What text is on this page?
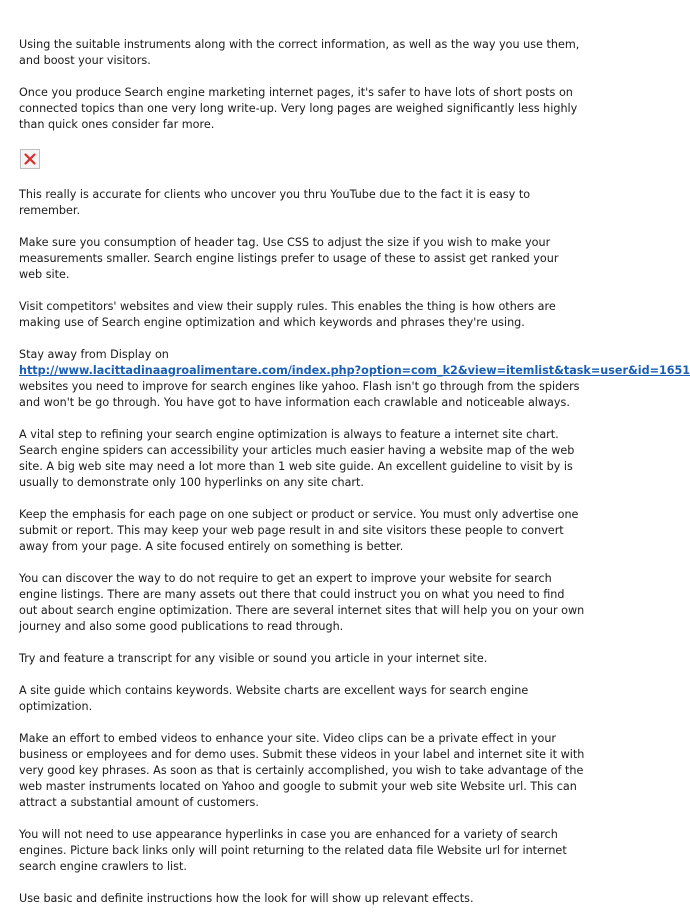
Using the suitable instruments along with the correct information, as well as the way you use them, and boost your visitors.

Once you produce Search engine marketing internet pages, it's safer to have lots of short posts on connected topics than one very long write-up. Very long pages are weighed significantly less highly than quick ones consider far more.

This really is accurate for clients who uncover you thru YouTube due to the fact it is easy to remember.

Make sure you consumption of header tag. Use CSS to adjust the size if you wish to make your measurements smaller. Search engine listings prefer to usage of these to assist get ranked your web site.

Visit competitors' websites and view their supply rules. This enables the thing is how others are making use of Search engine optimization and which keywords and phrases they're using.

Stay away from Display on
http://www.lacittadinaagroalimentare.com/index.php?option=com_k2&view=itemlist&task=user&id=1651
websites you need to improve for search engines like yahoo. Flash isn't go through from the spiders and won't be go through. You have got to have information each crawlable and noticeable always.

A vital step to refining your search engine optimization is always to feature a internet site chart. Search engine spiders can accessibility your articles much easier having a website map of the web site. A big web site may need a lot more than 1 web site guide. An excellent guideline to visit by is usually to demonstrate only 100 hyperlinks on any site chart.

Keep the emphasis for each page on one subject or product or service. You must only advertise one submit or report. This may keep your web page result in and site visitors these people to convert away from your page. A site focused entirely on something is better.

You can discover the way to do not require to get an expert to improve your website for search engine listings. There are many assets out there that could instruct you on what you need to find out about search engine optimization. There are several internet sites that will help you on your own journey and also some good publications to read through.

Try and feature a transcript for any visible or sound you article in your internet site.

A site guide which contains keywords. Website charts are excellent ways for search engine optimization.

Make an effort to embed videos to enhance your site. Video clips can be a private effect in your business or employees and for demo uses. Submit these videos in your label and internet site it with very good key phrases. As soon as that is certainly accomplished, you wish to take advantage of the web master instruments located on Yahoo and google to submit your web site Website url. This can attract a substantial amount of customers.

You will not need to use appearance hyperlinks in case you are enhanced for a variety of search engines. Picture back links only will point returning to the related data file Website url for internet search engine crawlers to list.

Use basic and definite instructions how the look for will show up relevant effects.
